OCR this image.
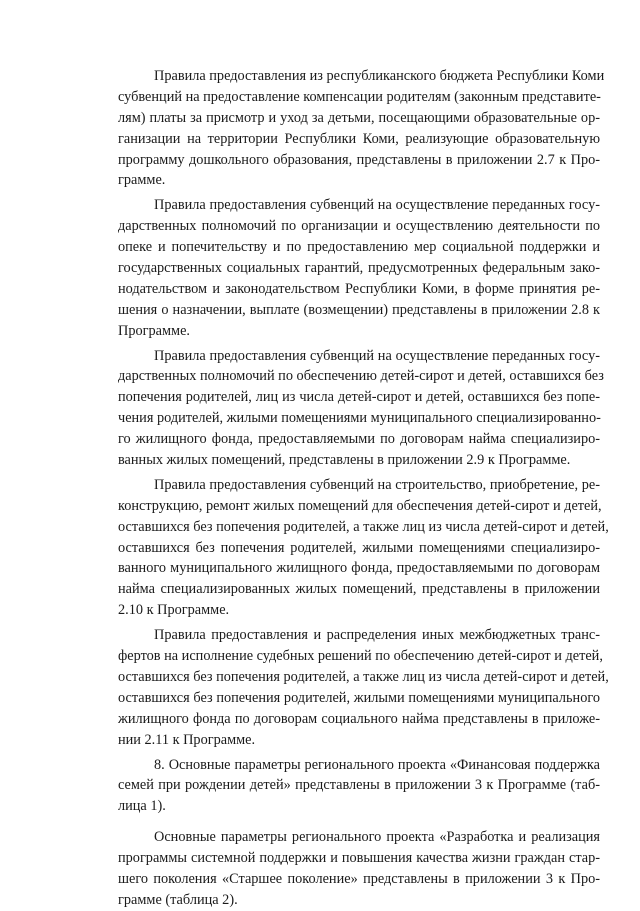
Правила предоставления из республиканского бюджета Республики Коми
субвенций на предоставление компенсации родителям (законным представите-
лям) платы за присмотр и уход за детьми, посещающими образовательные ор-
ганизации на территории Республики Коми, реализующие образовательную
программу дошкольного образования, представлены в приложении 2.7 к Про-
грамме.
Правила предоставления субвенций на осуществление переданных госу-
дарственных полномочий по организации и осуществлению деятельности по
опеке и попечительству и по предоставлению мер социальной поддержки и
государственных социальных гарантий, предусмотренных федеральным зако-
нодательством и законодательством Республики Коми, в форме принятия ре-
шения о назначении, выплате (возмещении) представлены в приложении 2.8 к
Программе.
Правила предоставления субвенций на осуществление переданных госу-
дарственных полномочий по обеспечению детей-сирот и детей, оставшихся без
попечения родителей, лиц из числа детей-сирот и детей, оставшихся без попе-
чения родителей, жилыми помещениями муниципального специализированно-
го жилищного фонда, предоставляемыми по договорам найма специализиро-
ванных жилых помещений, представлены в приложении 2.9 к Программе.
Правила предоставления субвенций на строительство, приобретение, ре-
конструкцию, ремонт жилых помещений для обеспечения детей-сирот и детей,
оставшихся без попечения родителей, а также лиц из числа детей-сирот и детей,
оставшихся без попечения родителей, жилыми помещениями специализиро-
ванного муниципального жилищного фонда, предоставляемыми по договорам
найма специализированных жилых помещений, представлены в приложении
2.10 к Программе.
Правила предоставления и распределения иных межбюджетных транс-
фертов на исполнение судебных решений по обеспечению детей-сирот и детей,
оставшихся без попечения родителей, а также лиц из числа детей-сирот и детей,
оставшихся без попечения родителей, жилыми помещениями муниципального
жилищного фонда по договорам социального найма представлены в приложе-
нии 2.11 к Программе.
8. Основные параметры регионального проекта «Финансовая поддержка
семей при рождении детей» представлены в приложении 3 к Программе (таб-
лица 1).
Основные параметры регионального проекта «Разработка и реализация
программы системной поддержки и повышения качества жизни граждан стар-
шего поколения «Старшее поколение» представлены в приложении 3 к Про-
грамме (таблица 2).
